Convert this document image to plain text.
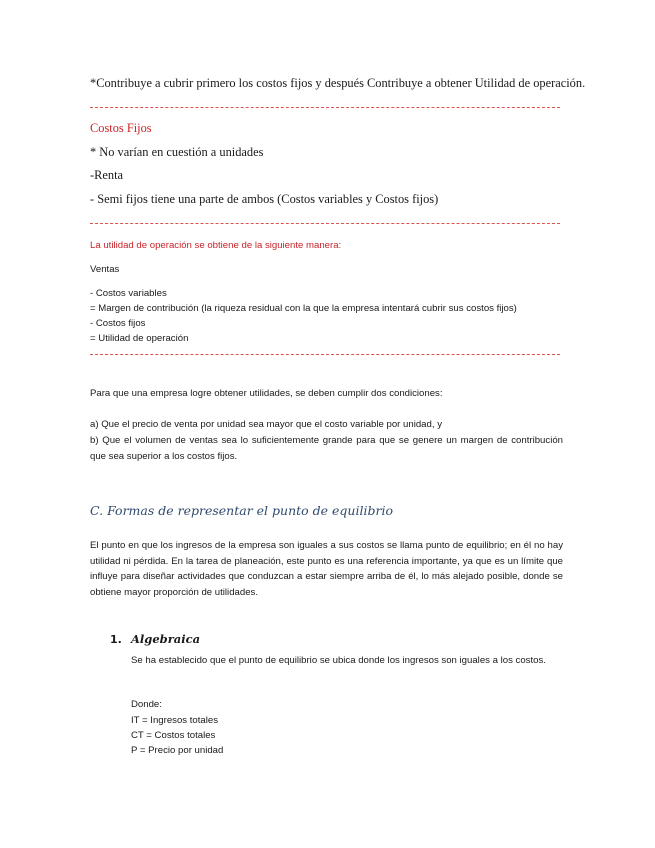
*Contribuye a cubrir primero los costos fijos y después Contribuye a obtener Utilidad de operación.
Costos Fijos
* No varían en cuestión a unidades
-Renta
- Semi fijos tiene una parte de ambos (Costos variables y Costos fijos)
La utilidad de operación se obtiene de la siguiente manera:
Ventas
- Costos variables
= Margen de contribución (la riqueza residual con la que la empresa intentará cubrir sus costos fijos)
- Costos fijos
= Utilidad de operación
Para que una empresa logre obtener utilidades, se deben cumplir dos condiciones:
a) Que el precio de venta por unidad sea mayor que el costo variable por unidad, y
b) Que el volumen de ventas sea lo suficientemente grande para que se genere un margen de contribución que sea superior a los costos fijos.
C. Formas de representar el punto de equilibrio
El punto en que los ingresos de la empresa son iguales a sus costos se llama punto de equilibrio; en él no hay utilidad ni pérdida. En la tarea de planeación, este punto es una referencia importante, ya que es un límite que influye para diseñar actividades que conduzcan a estar siempre arriba de él, lo más alejado posible, donde se obtiene mayor proporción de utilidades.
1. Algebraica
Se ha establecido que el punto de equilibrio se ubica donde los ingresos son iguales a los costos.
Donde:
IT = Ingresos totales
CT = Costos totales
P = Precio por unidad
